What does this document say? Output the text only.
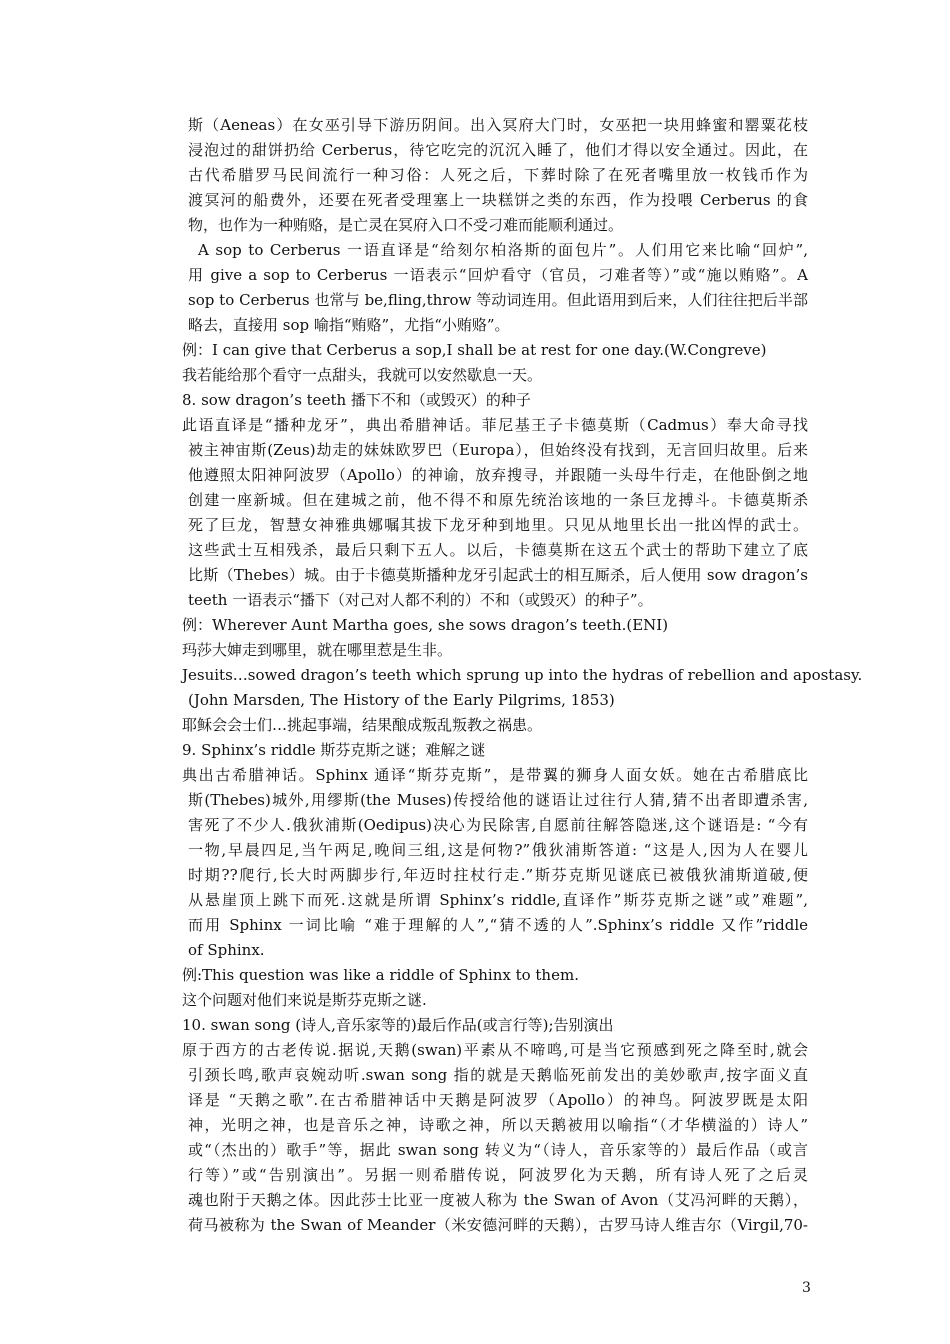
斯（Aeneas）在女巫引导下游历阴间。出入冥府大门时，女巫把一块用蜂蜜和罂粟花枝
浸泡过的甜饼扔给 Cerberus，待它吃完的沉沉入睡了，他们才得以安全通过。因此，在
古代希腊罗马民间流行一种习俗：人死之后，下葬时除了在死者嘴里放一枚钱币作为
渡冥河的船费外，还要在死者受理塞上一块糕饼之类的东西，作为投喂 Cerberus 的食
物，也作为一种贿赂，是亡灵在冥府入口不受刁难而能顺利通过。
A sop to Cerberus 一语直译是“给刻尔柏洛斯的面包片”。人们用它来比喻“回炉”,
用 give a sop to Cerberus 一语表示“回炉看守（官员，刁难者等）”或“施以贿赂”。A
sop to Cerberus 也常与 be,fling,throw 等动词连用。但此语用到后来，人们往往把后半部
略去，直接用 sop 喻指“贿赂”，尤指“小贿赂”。
例：I can give that Cerberus a sop,I shall be at rest for one day.(W.Congreve)
我若能给那个看守一点甜头，我就可以安然歇息一天。
8. sow dragon’s teeth 播下不和（或毁灭）的种子
此语直译是“播种龙牙”，典出希腊神话。菲尼基王子卡德莫斯（Cadmus）奉大命寻找
被主神宙斯(Zeus)劫走的妹妹欧罗巴（Europa），但始终没有找到，无言回归故里。后来
他遵照太阳神阿波罗（Apollo）的神谕，放弃搜寻，并跟随一头母牛行走，在他卧倒之地
创建一座新城。但在建城之前，他不得不和原先统治该地的一条巨龙搏斗。卡德莫斯杀
死了巨龙，智慧女神雅典娜嘱其拔下龙牙种到地里。只见从地里长出一批凶悍的武士。
这些武士互相残杀，最后只剩下五人。以后，卡德莫斯在这五个武士的帮助下建立了底
比斯（Thebes）城。由于卡德莫斯播种龙牙引起武士的相互厮杀，后人便用 sow dragon’s
teeth 一语表示“播下（对己对人都不利的）不和（或毁灭）的种子”。
例：Wherever Aunt Martha goes, she sows dragon’s teeth.(ENI)
玛莎大婶走到哪里，就在哪里惹是生非。
Jesuits…sowed dragon’s teeth which sprung up into the hydras of rebellion and apostasy.
(John Marsden, The History of the Early Pilgrims, 1853)
耶稣会会士们…挑起事端，结果酿成叛乱叛教之祸患。
9. Sphinx’s riddle 斯芬克斯之谜；难解之谜
典出古希腊神话。Sphinx 通译“斯芬克斯”，是带翼的狮身人面女妖。她在古希腊底比
斯(Thebes)城外,用缪斯(the Muses)传授给他的谜语让过往行人猜,猜不出者即遭杀害,
害死了不少人.俄狄浦斯(Oedipus)决心为民除害,自愿前往解答隐迷,这个谜语是: “今有
一物,早晨四足,当午两足,晚间三组,这是何物?”俄狄浦斯答道: “这是人,因为人在婴儿
时期??爬行,长大时两脚步行,年迈时拄杖行走.”斯芬克斯见谜底已被俄狄浦斯道破,便
从悬崖顶上跳下而死.这就是所谓 Sphinx’s riddle,直译作”斯芬克斯之谜”或”难题”,
而用 Sphinx 一词比喻 “难于理解的人”,“猜不透的人”.Sphinx’s riddle 又作”riddle
of Sphinx.
例:This question was like a riddle of Sphinx to them.
这个问题对他们来说是斯芬克斯之谜.
10. swan song (诗人,音乐家等的)最后作品(或言行等);告别演出
原于西方的古老传说.据说,天鹅(swan)平素从不啼鸣,可是当它预感到死之降至时,就会
引颈长鸣,歌声哀婉动听.swan song 指的就是天鹅临死前发出的美妙歌声,按字面义直
译是 “天鹅之歌”.在古希腊神话中天鹅是阿波罗（Apollo）的神鸟。阿波罗既是太阳
神，光明之神，也是音乐之神，诗歌之神，所以天鹅被用以喻指“（才华横溢的）诗人”
或“（杰出的）歌手”等，据此 swan song 转义为“（诗人，音乐家等的）最后作品（或言
行等）”或“告别演出”。另据一则希腊传说，阿波罗化为天鹅，所有诗人死了之后灵
魂也附于天鹅之体。因此莎士比亚一度被人称为 the Swan of Avon（艾冯河畔的天鹅），
荷马被称为 the Swan of Meander（米安德河畔的天鹅），古罗马诗人维吉尔（Virgil,70-
3
